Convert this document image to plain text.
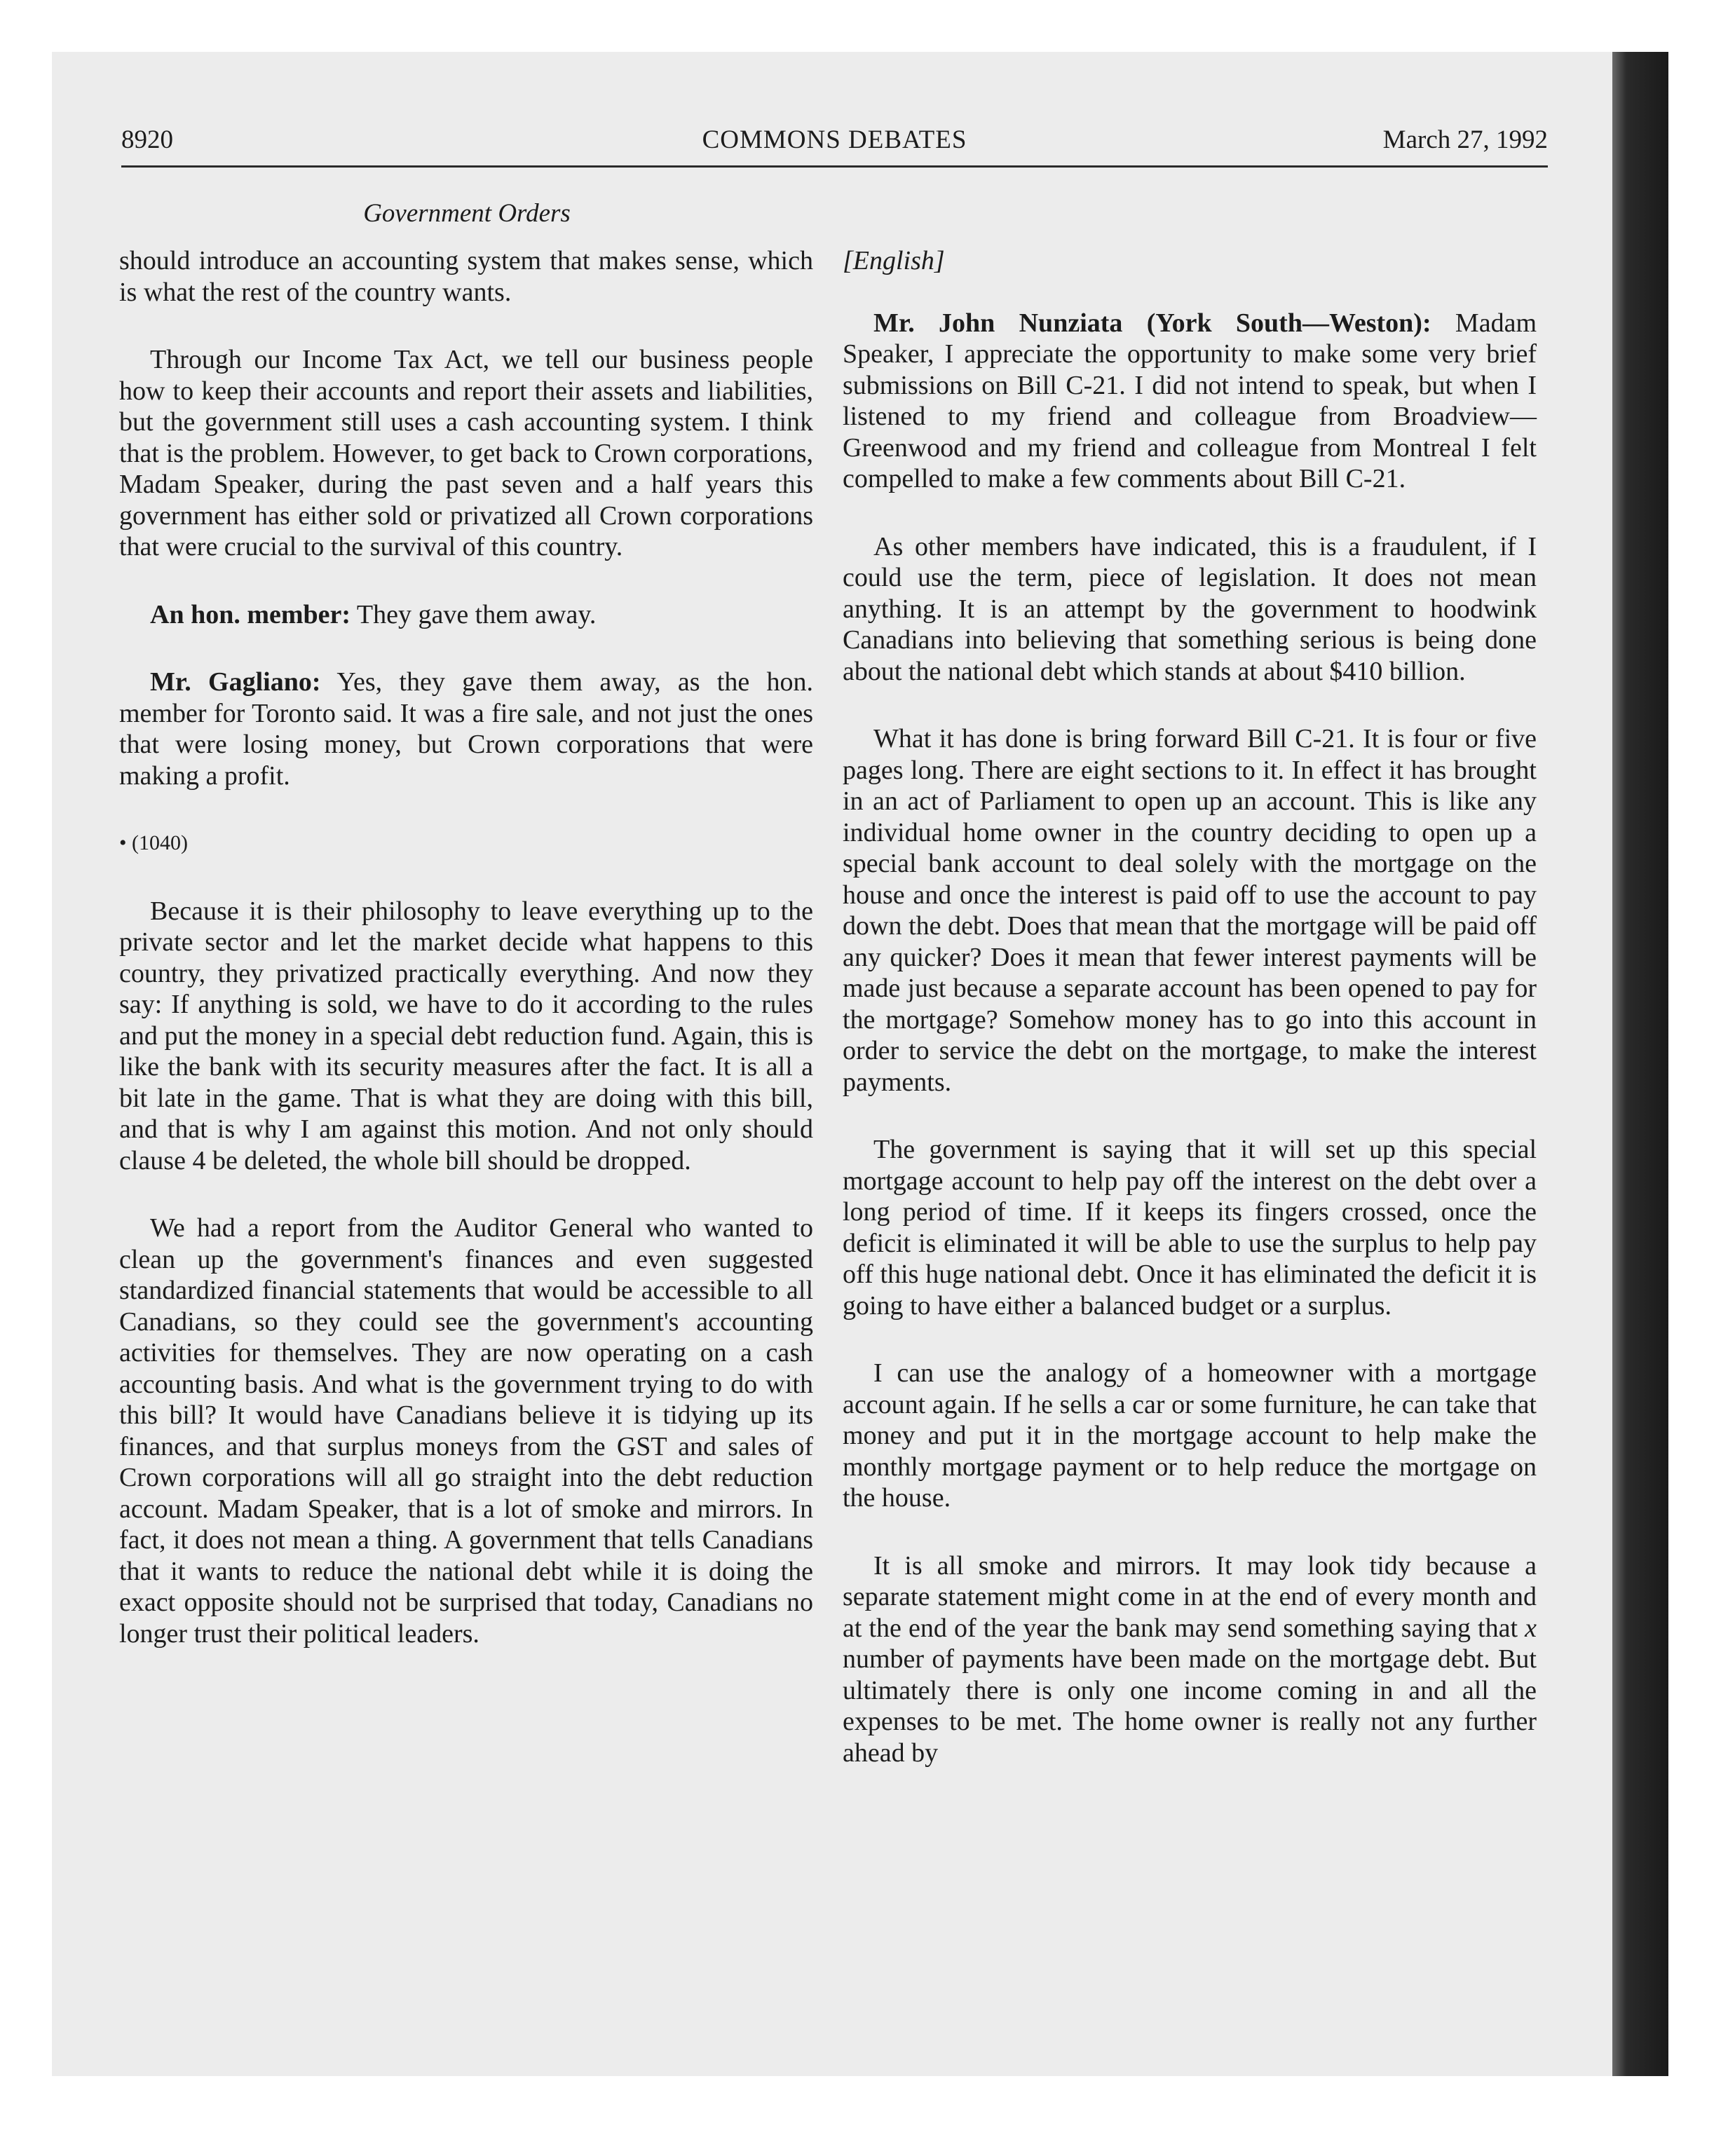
8920	COMMONS DEBATES	March 27, 1992
Government Orders

should introduce an accounting system that makes sense, which is what the rest of the country wants.

Through our Income Tax Act, we tell our business people how to keep their accounts and report their assets and liabilities, but the government still uses a cash accounting system. I think that is the problem. However, to get back to Crown corporations, Madam Speaker, during the past seven and a half years this government has either sold or privatized all Crown corporations that were crucial to the survival of this country.

An hon. member: They gave them away.

Mr. Gagliano: Yes, they gave them away, as the hon. member for Toronto said. It was a fire sale, and not just the ones that were losing money, but Crown corporations that were making a profit.

• (1040)

Because it is their philosophy to leave everything up to the private sector and let the market decide what happens to this country, they privatized practically everything. And now they say: If anything is sold, we have to do it according to the rules and put the money in a special debt reduction fund. Again, this is like the bank with its security measures after the fact. It is all a bit late in the game. That is what they are doing with this bill, and that is why I am against this motion. And not only should clause 4 be deleted, the whole bill should be dropped.

We had a report from the Auditor General who wanted to clean up the government's finances and even suggested standardized financial statements that would be accessible to all Canadians, so they could see the government's accounting activities for themselves. They are now operating on a cash accounting basis. And what is the government trying to do with this bill? It would have Canadians believe it is tidying up its finances, and that surplus moneys from the GST and sales of Crown corporations will all go straight into the debt reduction account. Madam Speaker, that is a lot of smoke and mirrors. In fact, it does not mean a thing. A government that tells Canadians that it wants to reduce the national debt while it is doing the exact opposite should not be surprised that today, Canadians no longer trust their political leaders.

[English]

Mr. John Nunziata (York South—Weston): Madam Speaker, I appreciate the opportunity to make some very brief submissions on Bill C-21. I did not intend to speak, but when I listened to my friend and colleague from Broadview—Greenwood and my friend and colleague from Montreal I felt compelled to make a few comments about Bill C-21.

As other members have indicated, this is a fraudulent, if I could use the term, piece of legislation. It does not mean anything. It is an attempt by the government to hoodwink Canadians into believing that something serious is being done about the national debt which stands at about $410 billion.

What it has done is bring forward Bill C-21. It is four or five pages long. There are eight sections to it. In effect it has brought in an act of Parliament to open up an account. This is like any individual home owner in the country deciding to open up a special bank account to deal solely with the mortgage on the house and once the interest is paid off to use the account to pay down the debt. Does that mean that the mortgage will be paid off any quicker? Does it mean that fewer interest payments will be made just because a separate account has been opened to pay for the mortgage? Somehow money has to go into this account in order to service the debt on the mortgage, to make the interest payments.

The government is saying that it will set up this special mortgage account to help pay off the interest on the debt over a long period of time. If it keeps its fingers crossed, once the deficit is eliminated it will be able to use the surplus to help pay off this huge national debt. Once it has eliminated the deficit it is going to have either a balanced budget or a surplus.

I can use the analogy of a homeowner with a mortgage account again. If he sells a car or some furniture, he can take that money and put it in the mortgage account to help make the monthly mortgage payment or to help reduce the mortgage on the house.

It is all smoke and mirrors. It may look tidy because a separate statement might come in at the end of every month and at the end of the year the bank may send something saying that x number of payments have been made on the mortgage debt. But ultimately there is only one income coming in and all the expenses to be met. The home owner is really not any further ahead by
